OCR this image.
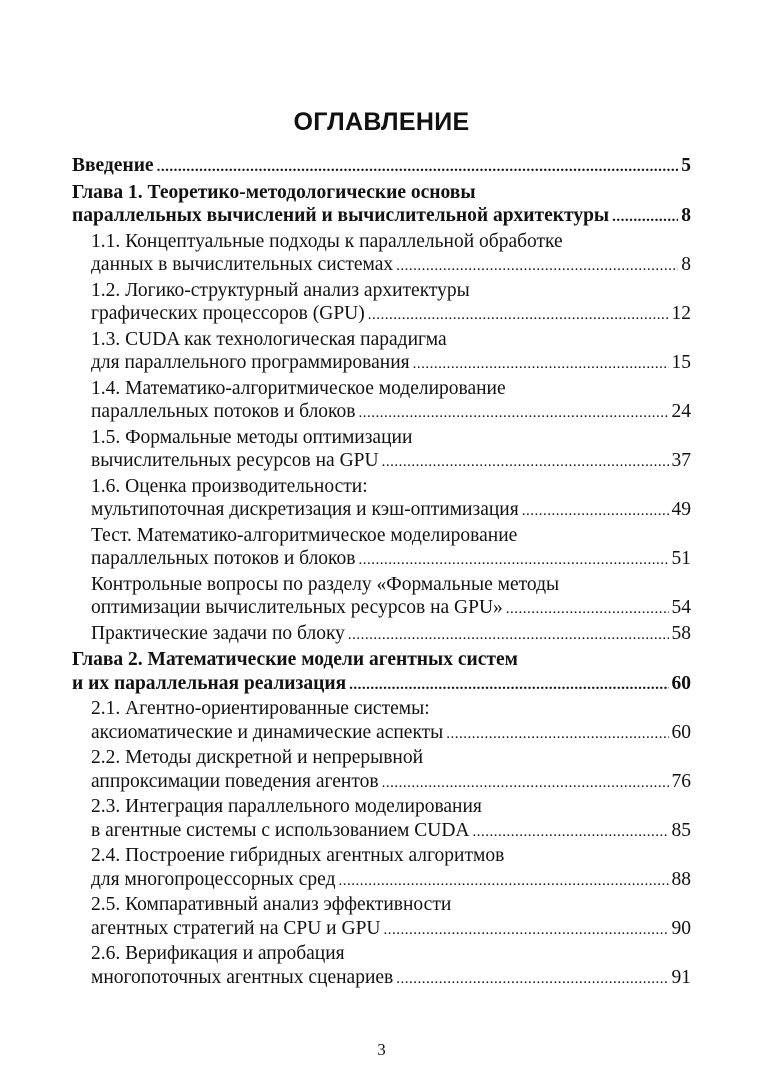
ОГЛАВЛЕНИЕ
Введение .....	5
Глава 1. Теоретико-методологические основы
параллельных вычислений и вычислительной архитектуры .....	8
1.1. Концептуальные подходы к параллельной обработке
данных в вычислительных системах .....	8
1.2. Логико-структурный анализ архитектуры
графических процессоров (GPU) .....	12
1.3. CUDA как технологическая парадигма
для параллельного программирования .....	15
1.4. Математико-алгоритмическое моделирование
параллельных потоков и блоков .....	24
1.5. Формальные методы оптимизации
вычислительных ресурсов на GPU .....	37
1.6. Оценка производительности:
мультипоточная дискретизация и кэш-оптимизация .....	49
Тест. Математико-алгоритмическое моделирование
параллельных потоков и блоков .....	51
Контрольные вопросы по разделу «Формальные методы
оптимизации вычислительных ресурсов на GPU» .....	54
Практические задачи по блоку .....	58
Глава 2. Математические модели агентных систем
и их параллельная реализация .....	60
2.1. Агентно-ориентированные системы:
аксиоматические и динамические аспекты .....	60
2.2. Методы дискретной и непрерывной
аппроксимации поведения агентов .....	76
2.3. Интеграция параллельного моделирования
в агентные системы с использованием CUDA .....	85
2.4. Построение гибридных агентных алгоритмов
для многопроцессорных сред .....	88
2.5. Компаративный анализ эффективности
агентных стратегий на CPU и GPU .....	90
2.6. Верификация и апробация
многопоточных агентных сценариев .....	91
3
